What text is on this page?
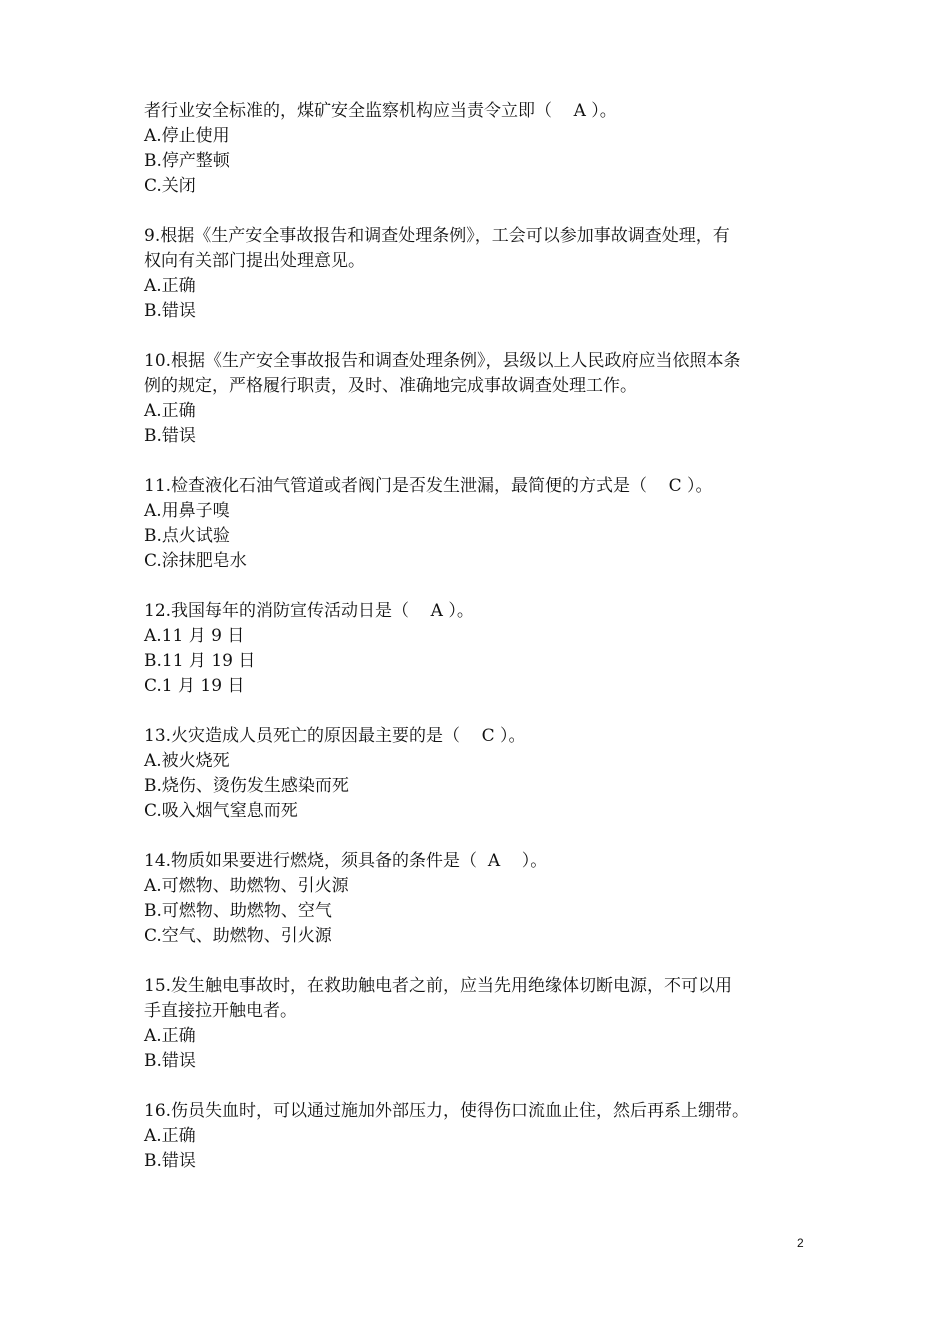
者行业安全标准的，煤矿安全监察机构应当责令立即（    A ）。
A.停止使用
B.停产整顿
C.关闭
9.根据《生产安全事故报告和调查处理条例》，工会可以参加事故调查处理，有
权向有关部门提出处理意见。
A.正确
B.错误
10.根据《生产安全事故报告和调查处理条例》，县级以上人民政府应当依照本条
例的规定，严格履行职责，及时、准确地完成事故调查处理工作。
A.正确
B.错误
11.检查液化石油气管道或者阀门是否发生泄漏，最简便的方式是（    C ）。
A.用鼻子嗅
B.点火试验
C.涂抹肥皂水
12.我国每年的消防宣传活动日是（    A ）。
A.11 月 9 日
B.11 月 19 日
C.1 月 19 日
13.火灾造成人员死亡的原因最主要的是（    C ）。
A.被火烧死
B.烧伤、烫伤发生感染而死
C.吸入烟气窒息而死
14.物质如果要进行燃烧，须具备的条件是（  A    ）。
A.可燃物、助燃物、引火源
B.可燃物、助燃物、空气
C.空气、助燃物、引火源
15.发生触电事故时，在救助触电者之前，应当先用绝缘体切断电源，不可以用
手直接拉开触电者。
A.正确
B.错误
16.伤员失血时，可以通过施加外部压力，使得伤口流血止住，然后再系上绷带。
A.正确
B.错误
2
